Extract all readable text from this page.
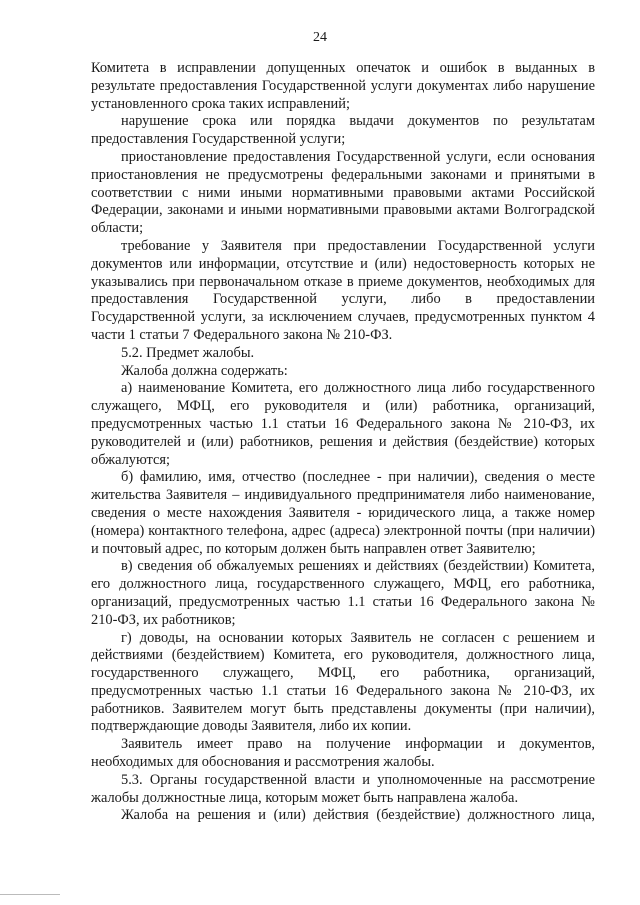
24

Комитета в исправлении допущенных опечаток и ошибок в выданных в результате предоставления Государственной услуги документах либо нарушение установленного срока таких исправлений;

нарушение срока или порядка выдачи документов по результатам предоставления Государственной услуги;

приостановление предоставления Государственной услуги, если основания приостановления не предусмотрены федеральными законами и принятыми в соответствии с ними иными нормативными правовыми актами Российской Федерации, законами и иными нормативными правовыми актами Волгоградской области;

требование у Заявителя при предоставлении Государственной услуги документов или информации, отсутствие и (или) недостоверность которых не указывались при первоначальном отказе в приеме документов, необходимых для предоставления Государственной услуги, либо в предоставлении Государственной услуги, за исключением случаев, предусмотренных пунктом 4 части 1 статьи 7 Федерального закона № 210-ФЗ.

5.2. Предмет жалобы.

Жалоба должна содержать:

а) наименование Комитета, его должностного лица либо государственного служащего, МФЦ, его руководителя и (или) работника, организаций, предусмотренных частью 1.1 статьи 16 Федерального закона № 210-ФЗ, их руководителей и (или) работников, решения и действия (бездействие) которых обжалуются;

б) фамилию, имя, отчество (последнее - при наличии), сведения о месте жительства Заявителя – индивидуального предпринимателя либо наименование, сведения о месте нахождения Заявителя - юридического лица, а также номер (номера) контактного телефона, адрес (адреса) электронной почты (при наличии) и почтовый адрес, по которым должен быть направлен ответ Заявителю;

в) сведения об обжалуемых решениях и действиях (бездействии) Комитета, его должностного лица, государственного служащего, МФЦ, его работника, организаций, предусмотренных частью 1.1 статьи 16 Федерального закона № 210-ФЗ, их работников;

г) доводы, на основании которых Заявитель не согласен с решением и действиями (бездействием) Комитета, его руководителя, должностного лица, государственного служащего, МФЦ, его работника, организаций, предусмотренных частью 1.1 статьи 16 Федерального закона № 210-ФЗ, их работников. Заявителем могут быть представлены документы (при наличии), подтверждающие доводы Заявителя, либо их копии.

Заявитель имеет право на получение информации и документов, необходимых для обоснования и рассмотрения жалобы.

5.3. Органы государственной власти и уполномоченные на рассмотрение жалобы должностные лица, которым может быть направлена жалоба.

Жалоба на решения и (или) действия (бездействие) должностного лица,
